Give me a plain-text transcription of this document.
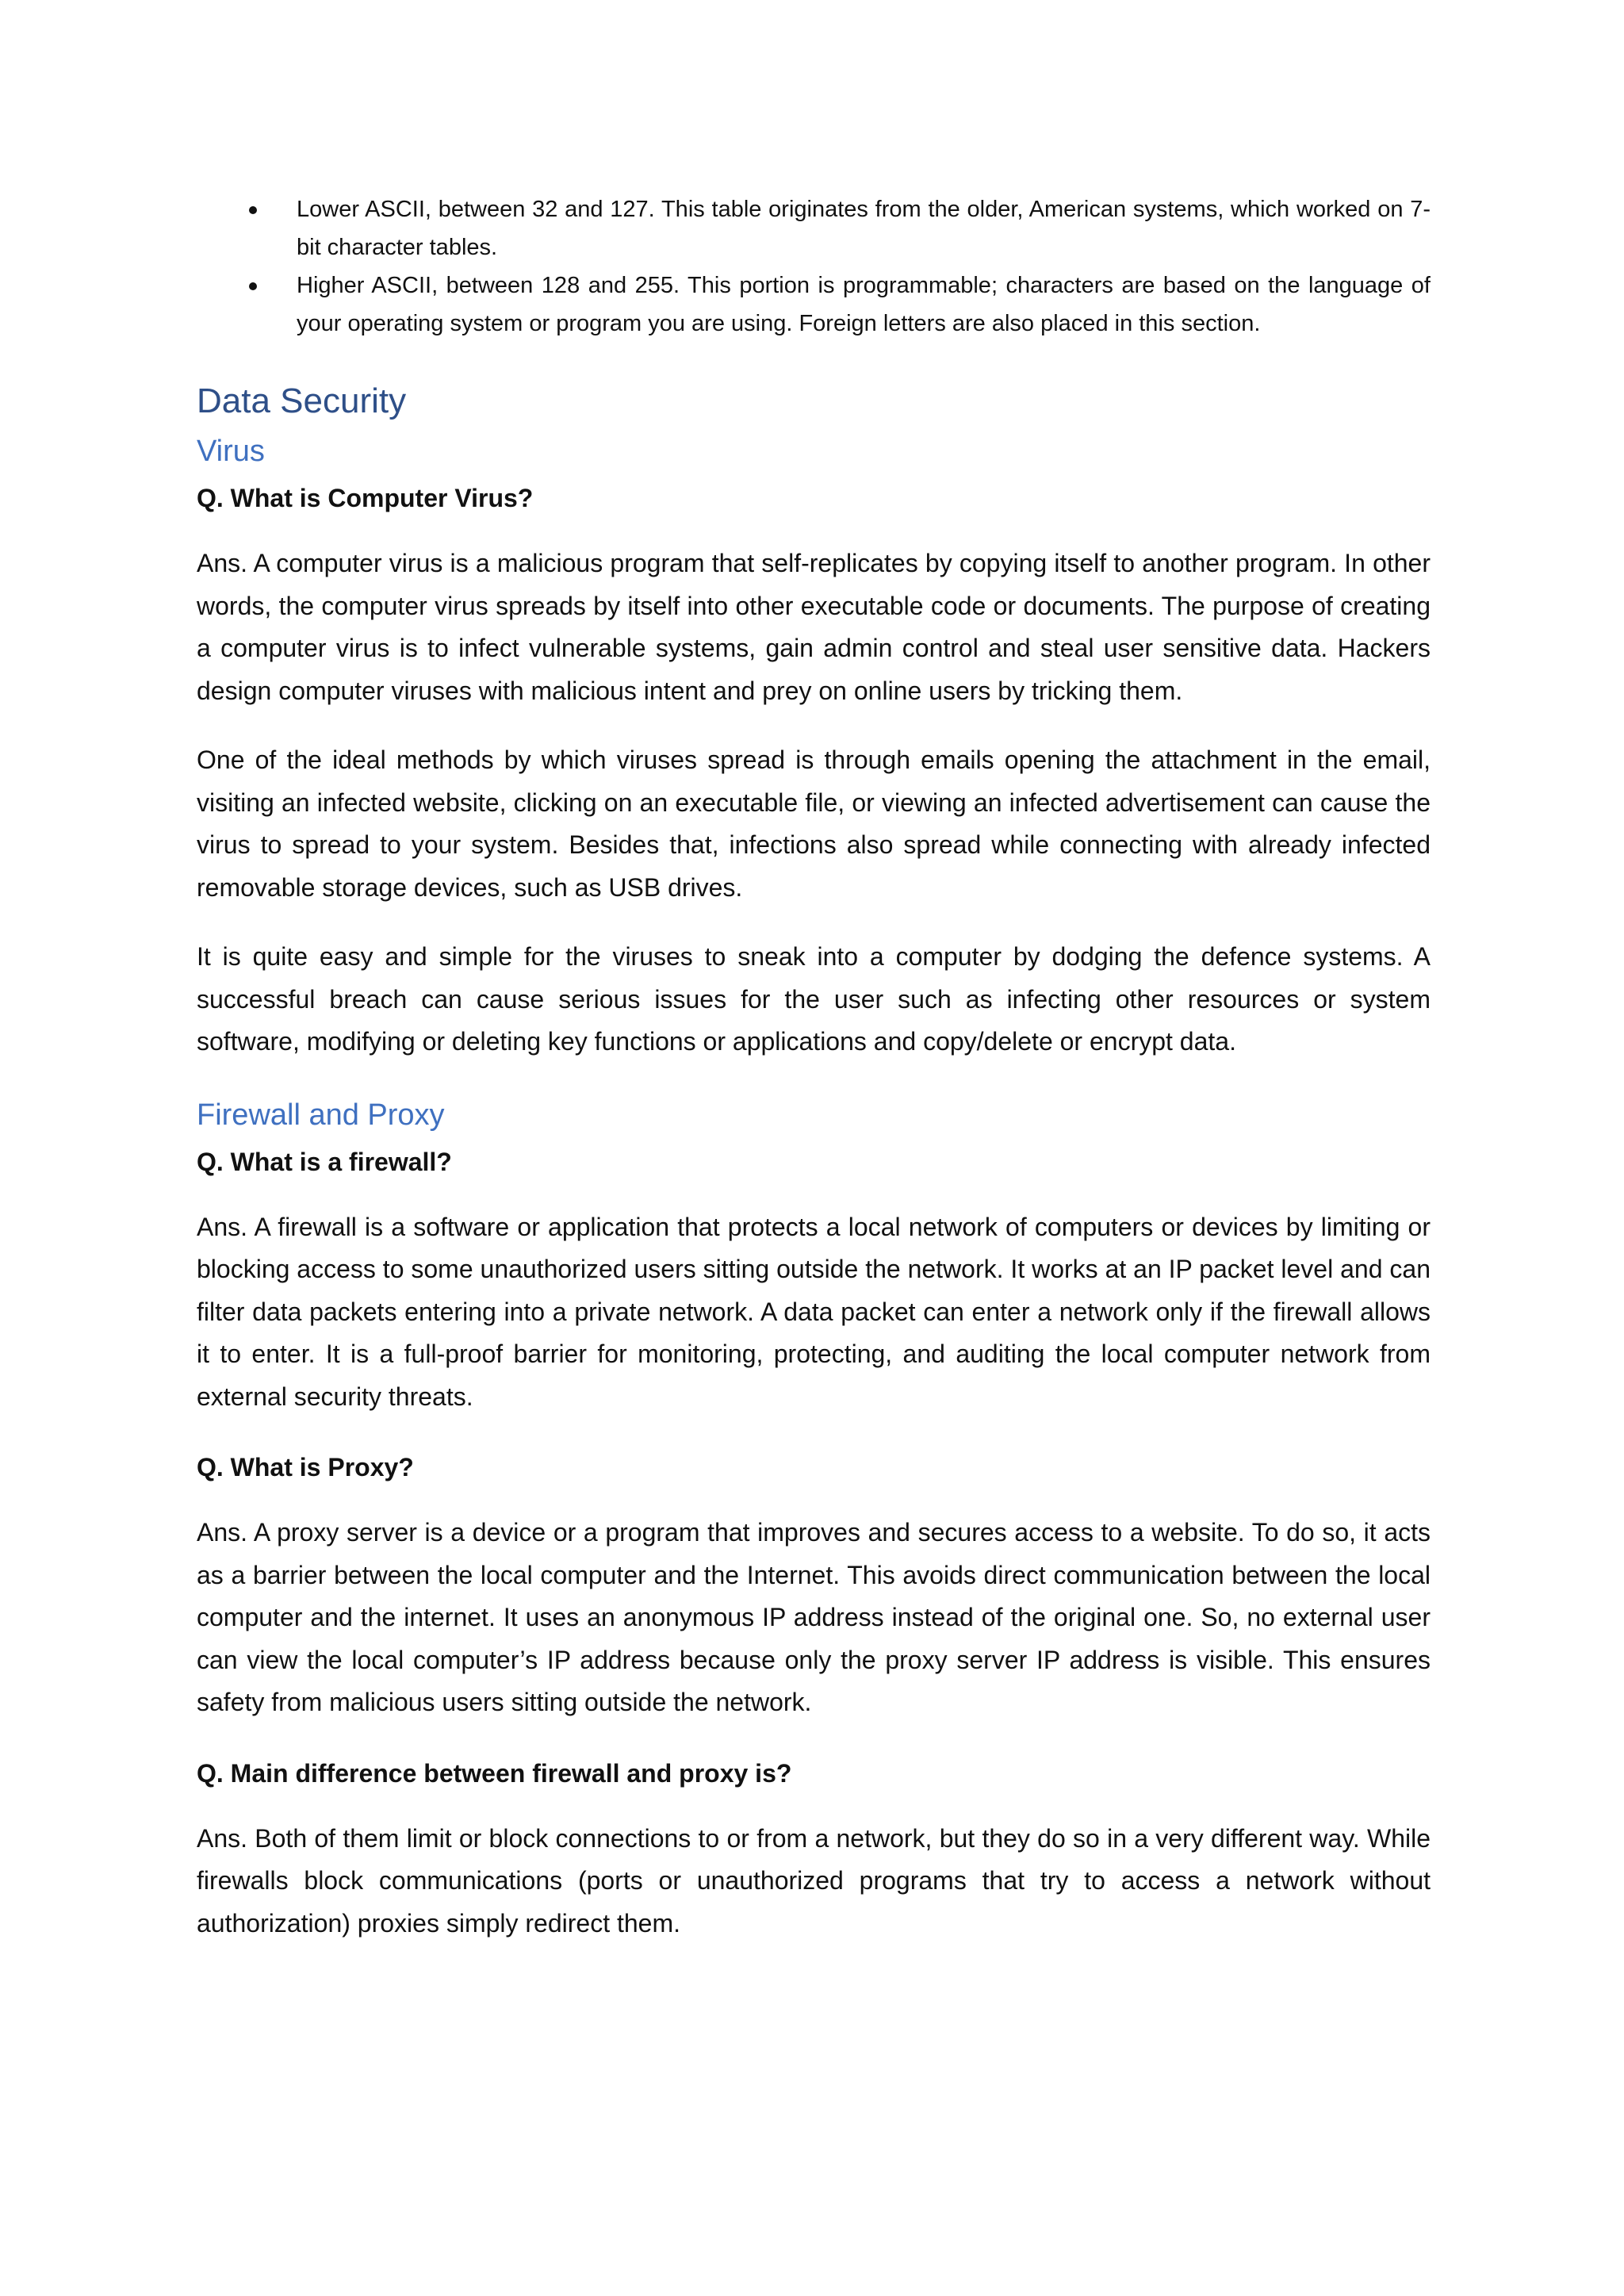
Lower ASCII, between 32 and 127. This table originates from the older, American systems, which worked on 7-bit character tables.
Higher ASCII, between 128 and 255. This portion is programmable; characters are based on the language of your operating system or program you are using. Foreign letters are also placed in this section.
Data Security
Virus
Q. What is Computer Virus?

Ans. A computer virus is a malicious program that self-replicates by copying itself to another program. In other words, the computer virus spreads by itself into other executable code or documents. The purpose of creating a computer virus is to infect vulnerable systems, gain admin control and steal user sensitive data. Hackers design computer viruses with malicious intent and prey on online users by tricking them.

One of the ideal methods by which viruses spread is through emails opening the attachment in the email, visiting an infected website, clicking on an executable file, or viewing an infected advertisement can cause the virus to spread to your system. Besides that, infections also spread while connecting with already infected removable storage devices, such as USB drives.

It is quite easy and simple for the viruses to sneak into a computer by dodging the defence systems. A successful breach can cause serious issues for the user such as infecting other resources or system software, modifying or deleting key functions or applications and copy/delete or encrypt data.

Firewall and Proxy
Q. What is a firewall?

Ans. A firewall is a software or application that protects a local network of computers or devices by limiting or blocking access to some unauthorized users sitting outside the network. It works at an IP packet level and can filter data packets entering into a private network. A data packet can enter a network only if the firewall allows it to enter. It is a full-proof barrier for monitoring, protecting, and auditing the local computer network from external security threats.

Q. What is Proxy?

Ans. A proxy server is a device or a program that improves and secures access to a website. To do so, it acts as a barrier between the local computer and the Internet. This avoids direct communication between the local computer and the internet. It uses an anonymous IP address instead of the original one. So, no external user can view the local computer’s IP address because only the proxy server IP address is visible. This ensures safety from malicious users sitting outside the network.

Q. Main difference between firewall and proxy is?

Ans. Both of them limit or block connections to or from a network, but they do so in a very different way. While firewalls block communications (ports or unauthorized programs that try to access a network without authorization) proxies simply redirect them.
